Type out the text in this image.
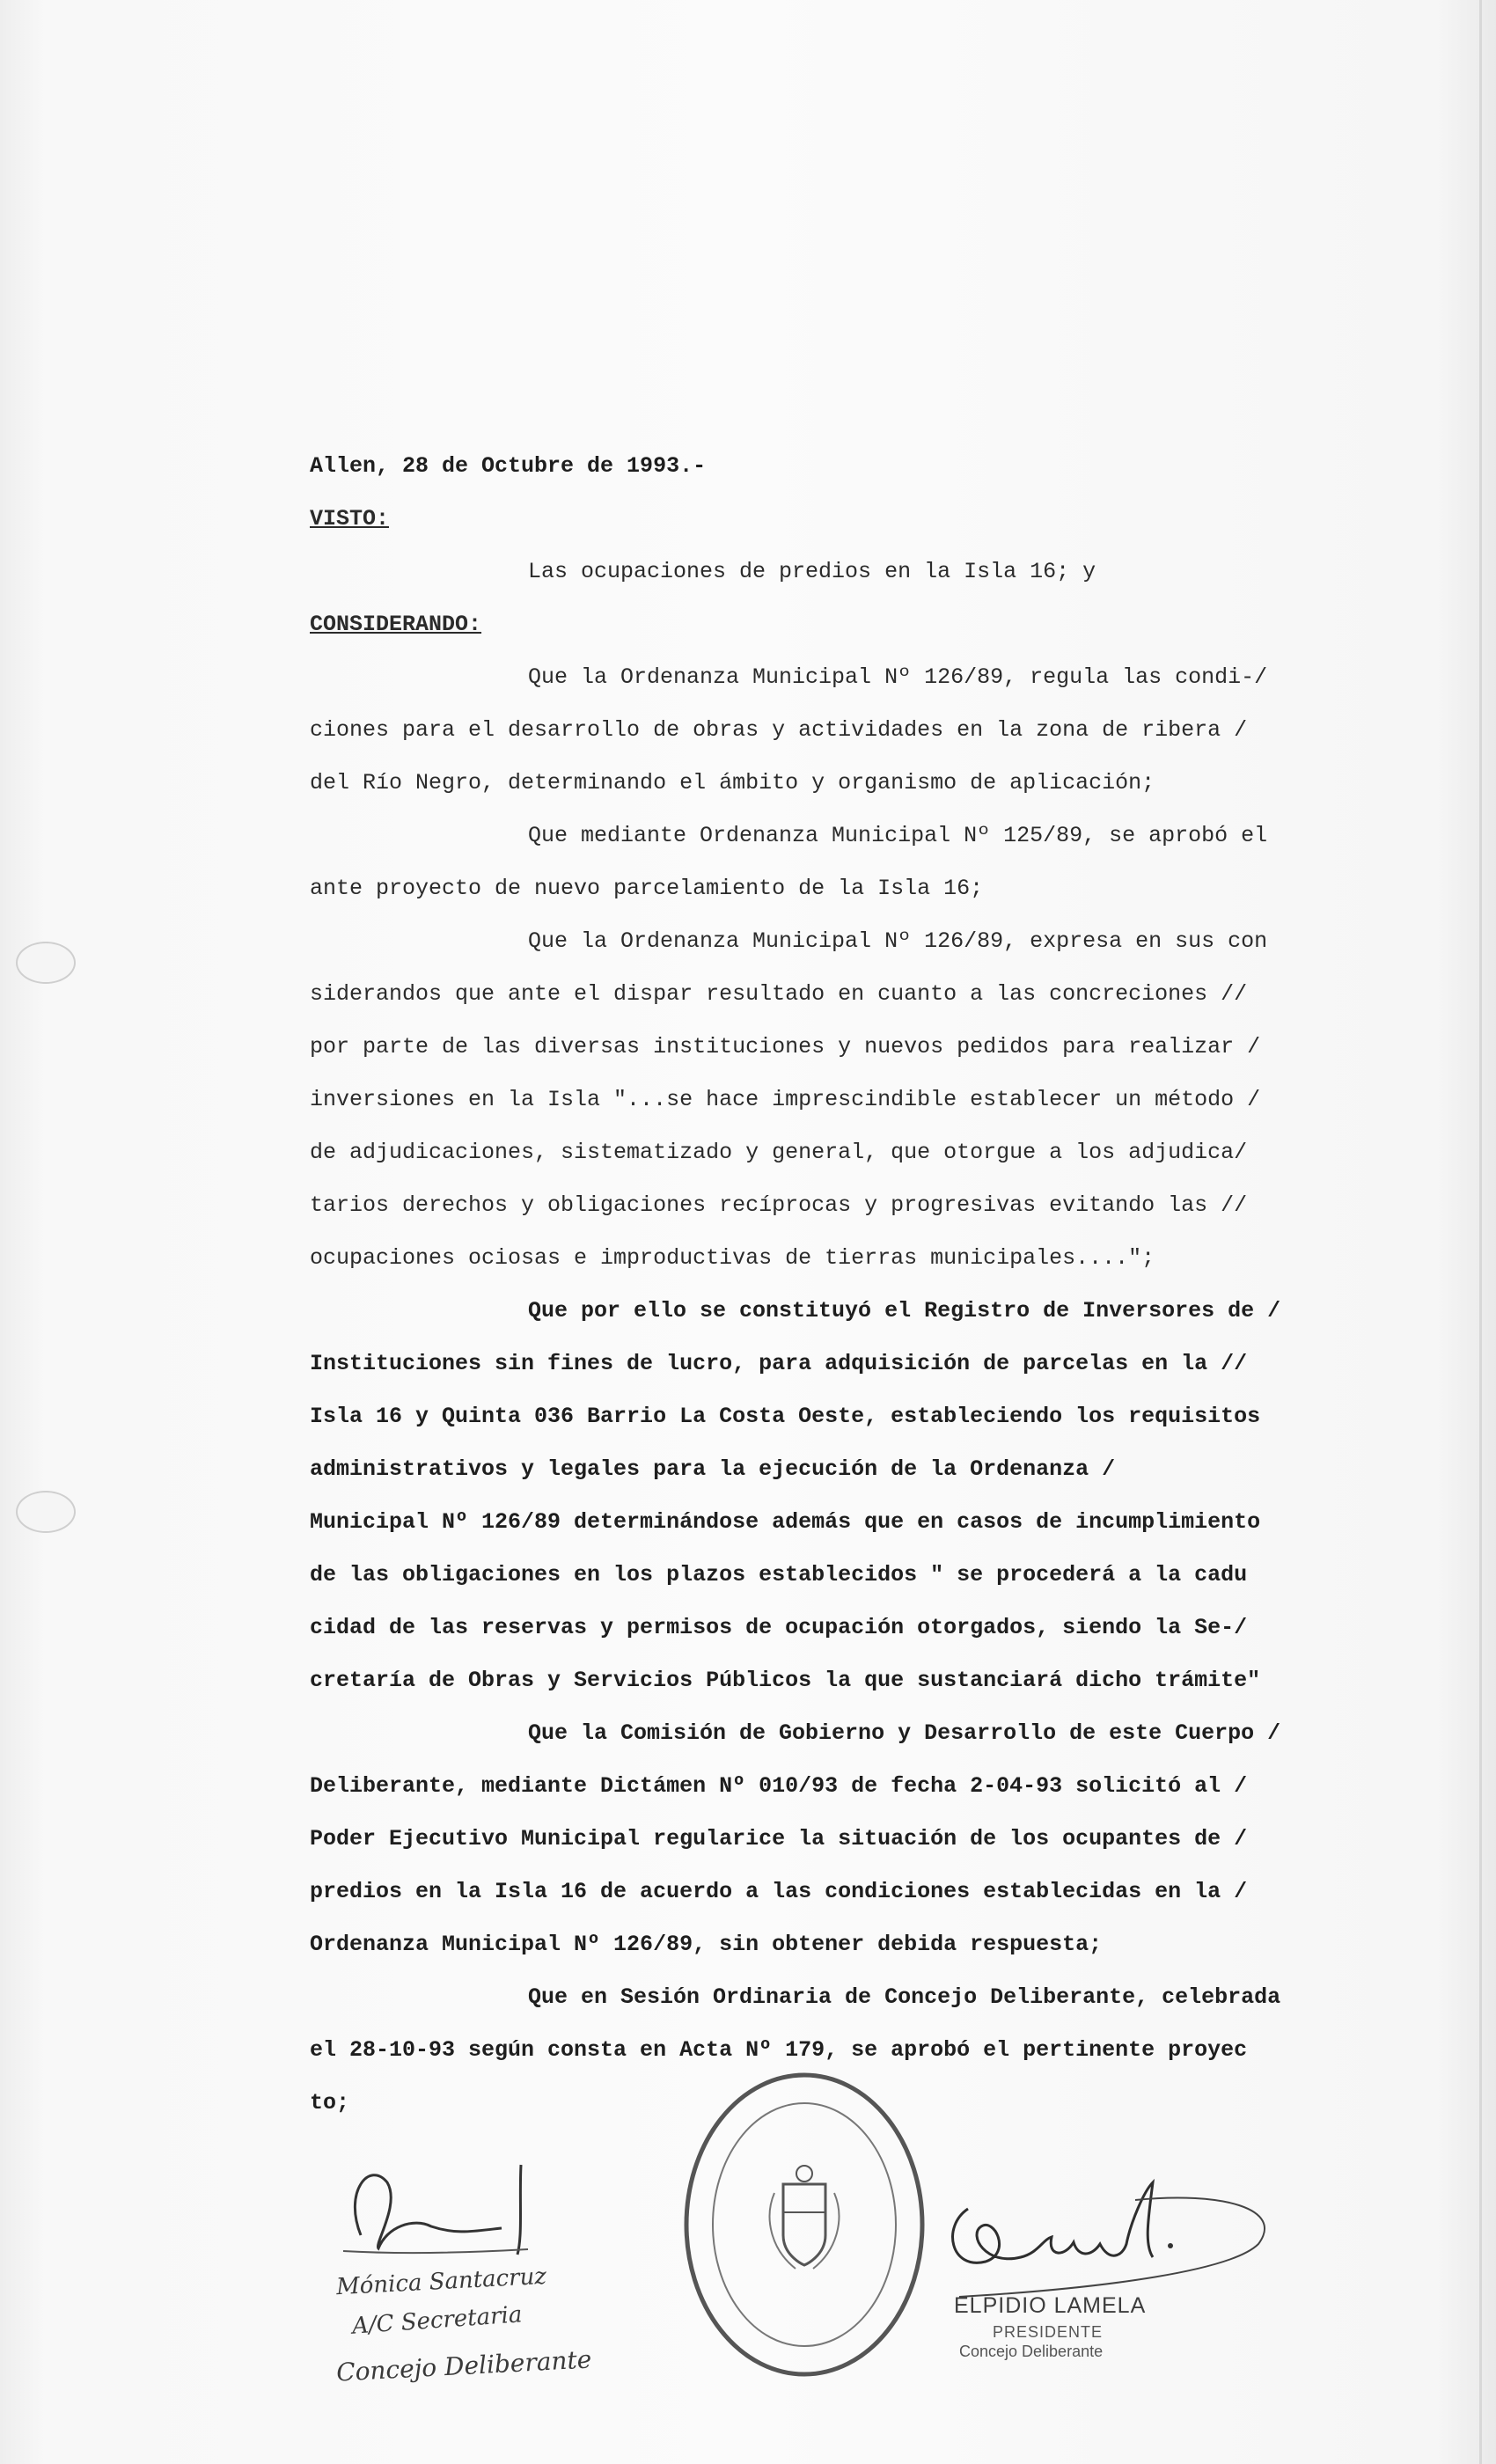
Allen, 28 de Octubre de 1993.-
VISTO:
Las ocupaciones de predios en la Isla 16; y
CONSIDERANDO:
Que la Ordenanza Municipal Nº 126/89, regula las condi-/
ciones para el desarrollo de obras y actividades en la zona de ribera /
del Río Negro, determinando el ámbito y organismo de aplicación;
Que mediante Ordenanza Municipal Nº 125/89, se aprobó el
ante proyecto de nuevo parcelamiento de la Isla 16;
Que la Ordenanza Municipal Nº 126/89, expresa en sus con
siderandos que ante el dispar resultado en cuanto a las concreciones //
por parte de las diversas instituciones y nuevos pedidos para realizar /
inversiones en la Isla "...se hace imprescindible establecer un método /
de adjudicaciones, sistematizado y general, que otorgue a los adjudica/
tarios derechos y obligaciones recíprocas y progresivas evitando las //
ocupaciones ociosas e improductivas de tierras municipales....";
Que por ello se constituyó el Registro de Inversores de /
Instituciones sin fines de lucro, para adquisición de parcelas en la //
Isla 16 y Quinta 036 Barrio La Costa Oeste, estableciendo los requisitos
administrativos y legales para la ejecución de la Ordenanza /
Municipal Nº 126/89 determinándose además que en casos de incumplimiento
de las obligaciones en los plazos establecidos " se procederá a la cadu
cidad de las reservas y permisos de ocupación otorgados, siendo la Se-/
cretaría de Obras y Servicios Públicos la que sustanciará dicho trámite"
Que la Comisión de Gobierno y Desarrollo de este Cuerpo /
Deliberante, mediante Dictámen Nº 010/93 de fecha 2-04-93 solicitó al /
Poder Ejecutivo Municipal regularice la situación de los ocupantes de /
predios en la Isla 16 de acuerdo a las condiciones establecidas en la /
Ordenanza Municipal Nº 126/89, sin obtener debida respuesta;
Que en Sesión Ordinaria de Concejo Deliberante, celebrada
el 28-10-93 según consta en Acta Nº 179, se aprobó el pertinente proyec
to;
Mónica Santacruz
A/C Secretaria
Concejo Deliberante
ELPIDIO LAMELA
PRESIDENTE
Concejo Deliberante
